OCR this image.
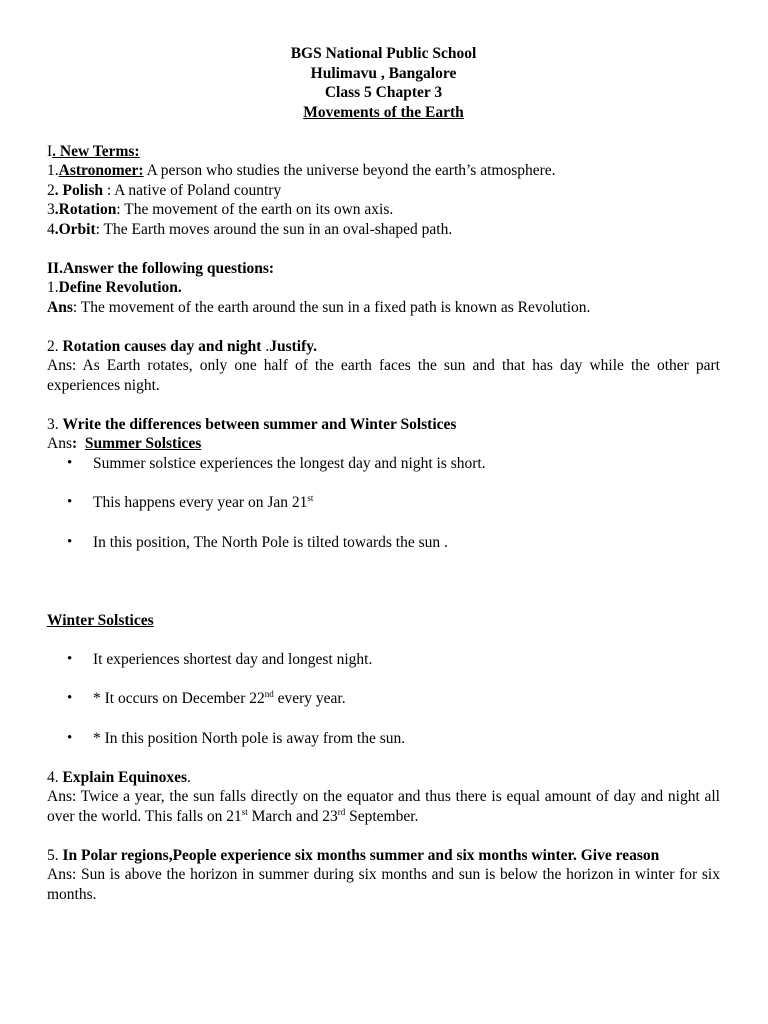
BGS National Public School
Hulimavu , Bangalore
Class 5 Chapter 3
Movements of the Earth

I. New Terms:

1.Astronomer: A person who studies the universe beyond the earth’s atmosphere.

2. Polish : A native of Poland country

3.Rotation: The movement of the earth on its own axis.

4.Orbit: The Earth moves around the sun in an oval-shaped path.

II.Answer the following questions:

1.Define Revolution.

Ans: The movement of the earth around the sun in a fixed path is known as Revolution.

2. Rotation causes day and night .Justify.

Ans: As Earth rotates, only one half of the earth faces the sun and that has day while the other part experiences night.

3. Write the differences between summer and Winter Solstices

Ans: Summer Solstices

• Summer solstice experiences the longest day and night is short.
• This happens every year on Jan 21st
• In this position, The North Pole is tilted towards the sun .

Winter Solstices

• It experiences shortest day and longest night.
• * It occurs on December 22nd every year.
• * In this position North pole is away from the sun.

4. Explain Equinoxes.

Ans: Twice a year, the sun falls directly on the equator and thus there is equal amount of day and night all over the world. This falls on 21st March and 23rd September.

5. In Polar regions,People experience six months summer and six months winter. Give reason

Ans: Sun is above the horizon in summer during six months and sun is below the horizon in winter for six months.
